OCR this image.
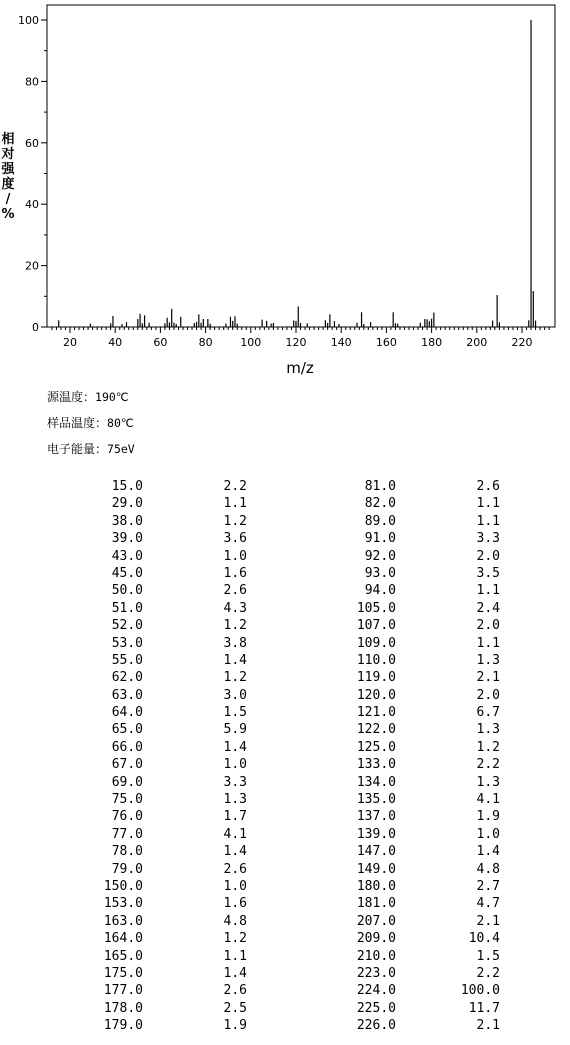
0
20
40
60
80
100
20	40	60	80	100 120 140 160 180 200 220
m/z
相
对
强
度
/
%
源温度：190℃
样品温度：80℃
电子能量：75eV
15.0	2.2
29.0	1.1
38.0	1.2
39.0	3.6
43.0	1.0
45.0	1.6
50.0	2.6
51.0	4.3
52.0	1.2
53.0	3.8
55.0	1.4
62.0	1.2
63.0	3.0
64.0	1.5
65.0	5.9
66.0	1.4
67.0	1.0
69.0	3.3
75.0	1.3
76.0	1.7
77.0	4.1
78.0	1.4
79.0	2.6
150.0	1.0
153.0	1.6
163.0	4.8
164.0	1.2
165.0	1.1
175.0	1.4
177.0	2.6
178.0	2.5
179.0	1.9
81.0	2.6
82.0	1.1
89.0	1.1
91.0	3.3
92.0	2.0
93.0	3.5
94.0	1.1
105.0	2.4
107.0	2.0
109.0	1.1
110.0	1.3
119.0	2.1
120.0	2.0
121.0	6.7
122.0	1.3
125.0	1.2
133.0	2.2
134.0	1.3
135.0	4.1
137.0	1.9
139.0	1.0
147.0	1.4
149.0	4.8
180.0	2.7
181.0	4.7
207.0	2.1
209.0	10.4
210.0	1.5
223.0	2.2
224.0	100.0
225.0	11.7
226.0	2.1
